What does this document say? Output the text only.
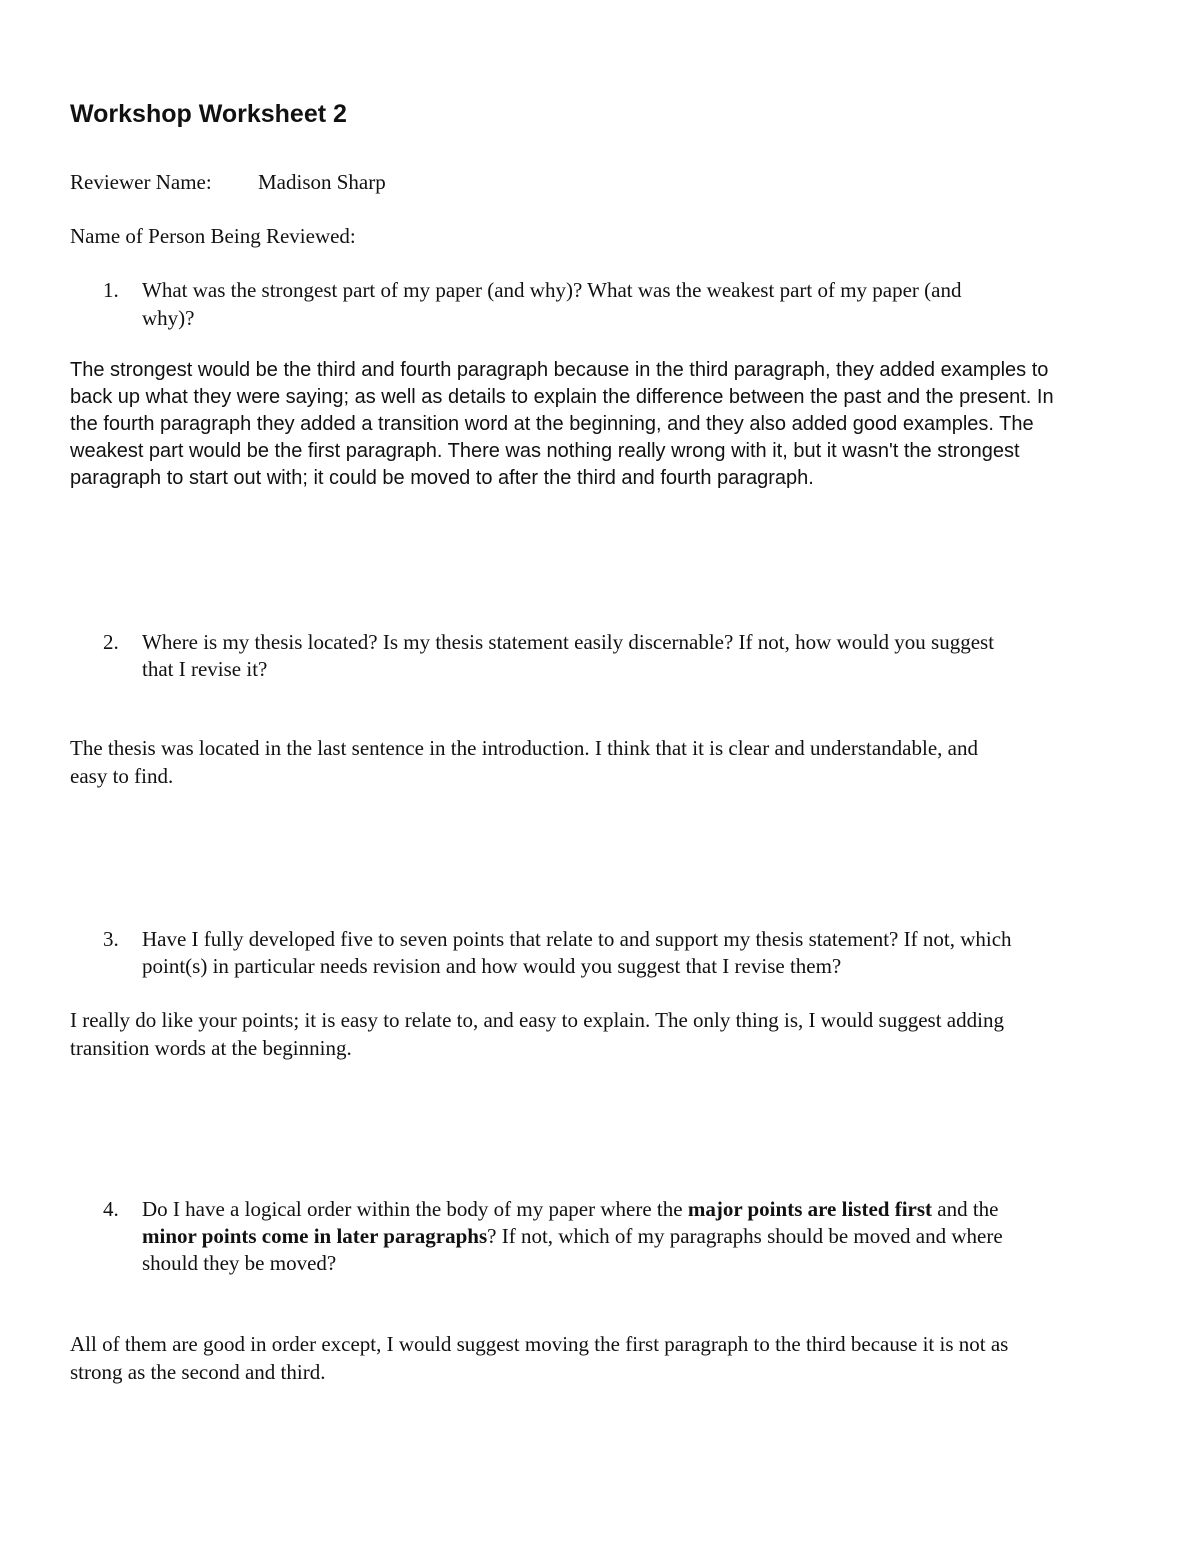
Workshop Worksheet 2
Reviewer Name: Madison Sharp
Name of Person Being Reviewed:
1. What was the strongest part of my paper (and why)? What was the weakest part of my paper (and
why)?
The strongest would be the third and fourth paragraph because in the third paragraph, they added examples to
back up what they were saying; as well as details to explain the difference between the past and the present. In
the fourth paragraph they added a transition word at the beginning, and they also added good examples. The
weakest part would be the first paragraph. There was nothing really wrong with it, but it wasn't the strongest
paragraph to start out with; it could be moved to after the third and fourth paragraph.
2. Where is my thesis located? Is my thesis statement easily discernable? If not, how would you suggest
that I revise it?
The thesis was located in the last sentence in the introduction. I think that it is clear and understandable, and
easy to find.
3. Have I fully developed five to seven points that relate to and support my thesis statement? If not, which
point(s) in particular needs revision and how would you suggest that I revise them?
I really do like your points; it is easy to relate to, and easy to explain. The only thing is, I would suggest adding
transition words at the beginning.
4. Do I have a logical order within the body of my paper where the major points are listed first and the
minor points come in later paragraphs? If not, which of my paragraphs should be moved and where
should they be moved?
All of them are good in order except, I would suggest moving the first paragraph to the third because it is not as
strong as the second and third.
